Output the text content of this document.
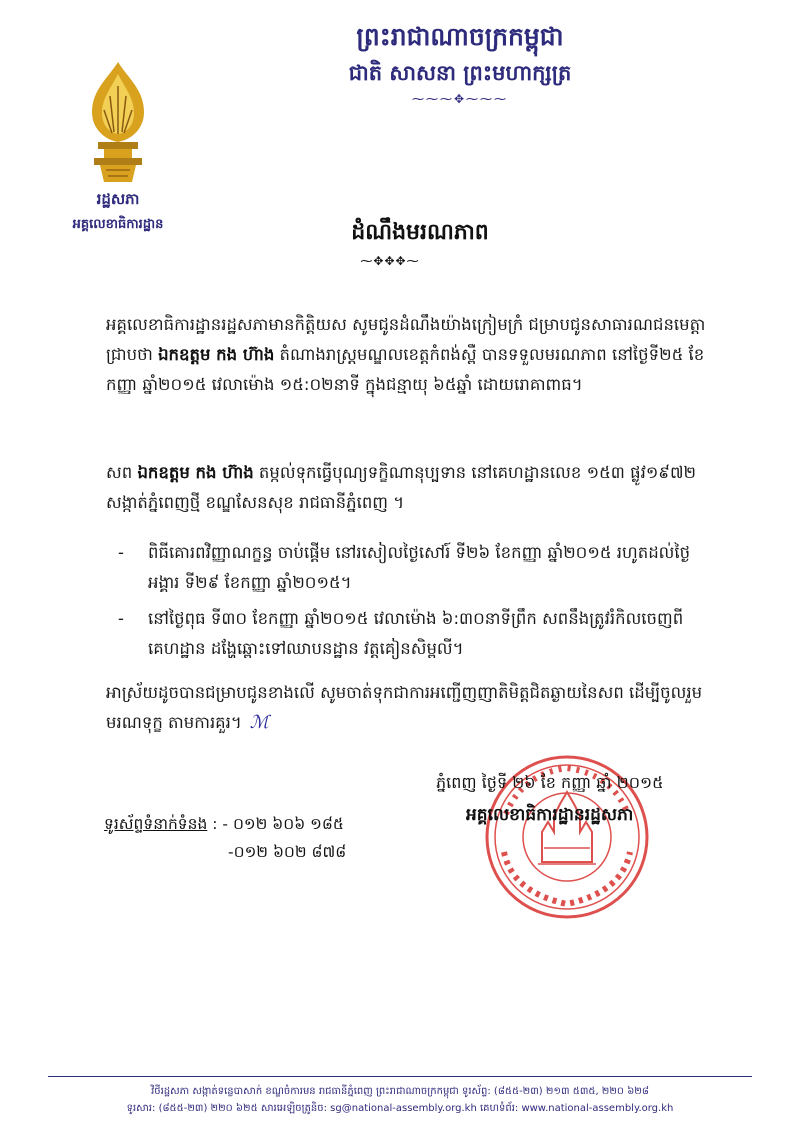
ព្រះរាជាណាចក្រកម្ពុជា
ជាតិ សាសនា ព្រះមហាក្សត្រ
⁓⁓⁓✥⁓⁓⁓
រដ្ឋសភា
អគ្គលេខាធិការដ្ឋាន	ដំណឹងមរណភាព
⁓✥✥✥⁓
អគ្គលេខាធិការដ្ឋានរដ្ឋសភាមានកិត្តិយស សូមជូនដំណឹងយ៉ាងក្រៀមក្រំ ជម្រាបជូនសាធារណជនមេត្តាជ្រាបថា ឯកឧត្តម កង ហ៊ាង តំណាងរាស្ត្រមណ្ឌលខេត្តកំពង់ស្ពឺ បានទទួលមរណភាព នៅថ្ងៃទី២៥ ខែកញ្ញា ឆ្នាំ២០១៥ វេលាម៉ោង ១៥:០២នាទី ក្នុងជន្មាយុ ៦៥ឆ្នាំ ដោយរោគាពាធ។
សព ឯកឧត្តម កង ហ៊ាង តម្កល់ទុកធ្វើបុណ្យទក្ខិណានុប្បទាន នៅគេហដ្ឋានលេខ ១៥៣ ផ្លូវ១៩៧២ សង្កាត់ភ្នំពេញថ្មី ខណ្ឌសែនសុខ រាជធានីភ្នំពេញ ។
-	ពិធីគោរពវិញ្ញាណក្ខន្ធ ចាប់ផ្ដើម នៅរសៀលថ្ងៃសៅរ៍ ទី២៦ ខែកញ្ញា ឆ្នាំ២០១៥ រហូតដល់ថ្ងៃអង្គារ ទី២៩ ខែកញ្ញា ឆ្នាំ២០១៥។
-	នៅថ្ងៃពុធ ទី៣០ ខែកញ្ញា ឆ្នាំ២០១៥ វេលាម៉ោង ៦:៣០នាទីព្រឹក សពនឹងត្រូវរំកិលចេញពីគេហដ្ឋាន ដង្ហែឆ្ពោះទៅឈាបនដ្ឋាន វត្តគៀនសិម្ពលី។
អាស្រ័យដូចបានជម្រាបជូនខាងលើ សូមចាត់ទុកជាការអញ្ជើញញាតិមិត្តជិតឆ្ងាយនៃសព ដើម្បីចូលរួមមរណទុក្ខ តាមការគួរ។ ℳ
ភ្នំពេញ ថ្ងៃទី ២៦ ខែ កញ្ញា ឆ្នាំ ២០១៥
អគ្គលេខាធិការដ្ឋានរដ្ឋសភា
ទូរស័ព្ទទំនាក់ទំនង : - ០១២ ៦០៦ ១៨៥
-០១២ ៦០២ ៨៧៨
វិថីរដ្ឋសភា សង្កាត់ទន្លេបាសាក់ ខណ្ឌចំការមន រាជធានីភ្នំពេញ ព្រះរាជាណាចក្រកម្ពុជា ទូរស័ព្ទ: (៨៥៥-២៣) ២១៣ ៥៣៥, ២២០ ៦២៨
ទូរសារ: (៨៥៥-២៣) ២២០ ៦២៥ សារអេឡិចត្រូនិច: sg@national-assembly.org.kh គេហទំព័រ: www.national-assembly.org.kh
